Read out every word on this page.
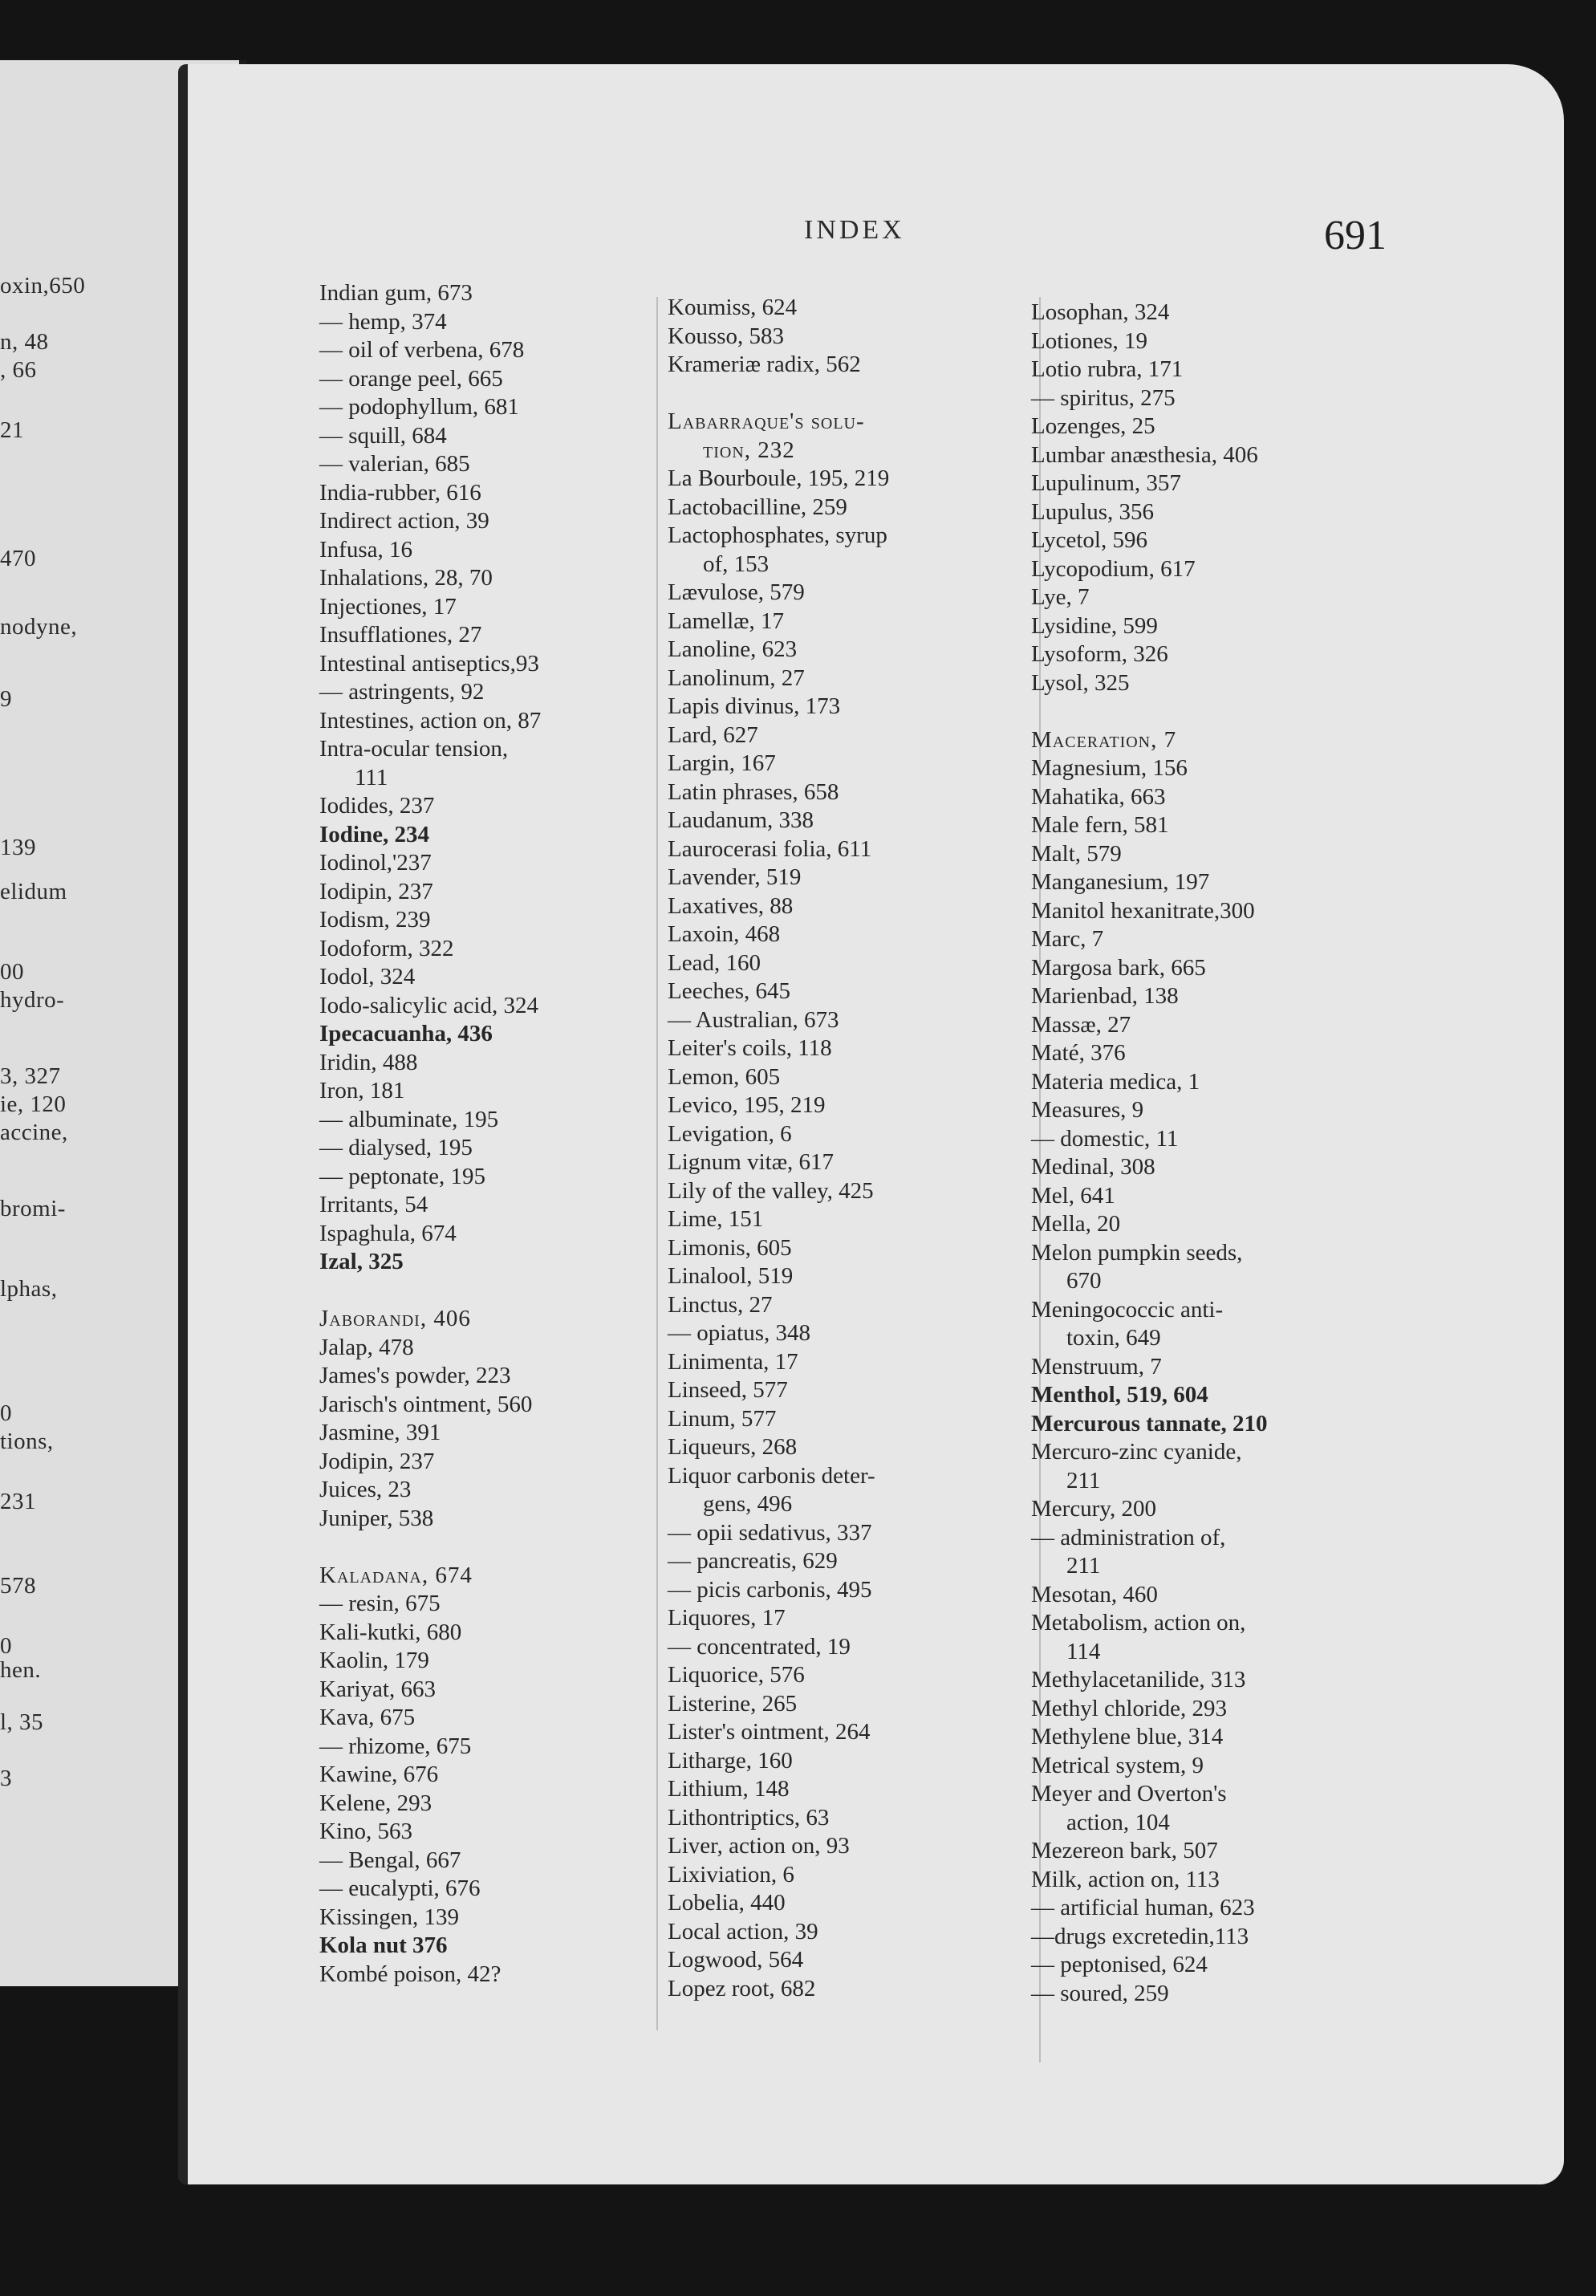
oxin,650
n, 48
, 66
21
470
nodyne,
9
139
elidum
00
hydro-
3, 327
ie, 120
accine,
bromi-
lphas,
0
tions,
231
578
0
hen.
l, 35
3
INDEX	691
Indian gum, 673
— hemp, 374
— oil of verbena, 678
— orange peel, 665
— podophyllum, 681
— squill, 684
— valerian, 685
India-rubber, 616
Indirect action, 39
Infusa, 16
Inhalations, 28, 70
Injectiones, 17
Insufflationes, 27
Intestinal antiseptics,93
— astringents, 92
Intestines, action on, 87
Intra-ocular tension,
111
Iodides, 237
Iodine, 234
Iodinol,'237
Iodipin, 237
Iodism, 239
Iodoform, 322
Iodol, 324
Iodo-salicylic acid, 324
Ipecacuanha, 436
Iridin, 488
Iron, 181
— albuminate, 195
— dialysed, 195
— peptonate, 195
Irritants, 54
Ispaghula, 674
Izal, 325
Jaborandi, 406
Jalap, 478
James's powder, 223
Jarisch's ointment, 560
Jasmine, 391
Jodipin, 237
Juices, 23
Juniper, 538
Kaladana, 674
— resin, 675
Kali-kutki, 680
Kaolin, 179
Kariyat, 663
Kava, 675
— rhizome, 675
Kawine, 676
Kelene, 293
Kino, 563
— Bengal, 667
— eucalypti, 676
Kissingen, 139
Kola nut 376
Kombé poison, 42?
Koumiss, 624
Kousso, 583
Krameriæ radix, 562
Labarraque's solu-
tion, 232
La Bourboule, 195, 219
Lactobacilline, 259
Lactophosphates, syrup
of, 153
Lævulose, 579
Lamellæ, 17
Lanoline, 623
Lanolinum, 27
Lapis divinus, 173
Lard, 627
Largin, 167
Latin phrases, 658
Laudanum, 338
Laurocerasi folia, 611
Lavender, 519
Laxatives, 88
Laxoin, 468
Lead, 160
Leeches, 645
— Australian, 673
Leiter's coils, 118
Lemon, 605
Levico, 195, 219
Levigation, 6
Lignum vitæ, 617
Lily of the valley, 425
Lime, 151
Limonis, 605
Linalool, 519
Linctus, 27
— opiatus, 348
Linimenta, 17
Linseed, 577
Linum, 577
Liqueurs, 268
Liquor carbonis deter-
gens, 496
— opii sedativus, 337
— pancreatis, 629
— picis carbonis, 495
Liquores, 17
— concentrated, 19
Liquorice, 576
Listerine, 265
Lister's ointment, 264
Litharge, 160
Lithium, 148
Lithontriptics, 63
Liver, action on, 93
Lixiviation, 6
Lobelia, 440
Local action, 39
Logwood, 564
Lopez root, 682
Losophan, 324
Lotiones, 19
Lotio rubra, 171
— spiritus, 275
Lozenges, 25
Lumbar anæsthesia, 406
Lupulinum, 357
Lupulus, 356
Lycetol, 596
Lycopodium, 617
Lye, 7
Lysidine, 599
Lysoform, 326
Lysol, 325
Maceration, 7
Magnesium, 156
Mahatika, 663
Male fern, 581
Malt, 579
Manganesium, 197
Manitol hexanitrate,300
Marc, 7
Margosa bark, 665
Marienbad, 138
Massæ, 27
Maté, 376
Materia medica, 1
Measures, 9
— domestic, 11
Medinal, 308
Mel, 641
Mella, 20
Melon pumpkin seeds,
670
Meningococcic anti-
toxin, 649
Menstruum, 7
Menthol, 519, 604
Mercurous tannate, 210
Mercuro-zinc cyanide,
211
Mercury, 200
— administration of,
211
Mesotan, 460
Metabolism, action on,
114
Methylacetanilide, 313
Methyl chloride, 293
Methylene blue, 314
Metrical system, 9
Meyer and Overton's
action, 104
Mezereon bark, 507
Milk, action on, 113
— artificial human, 623
—drugs excretedin,113
— peptonised, 624
— soured, 259
